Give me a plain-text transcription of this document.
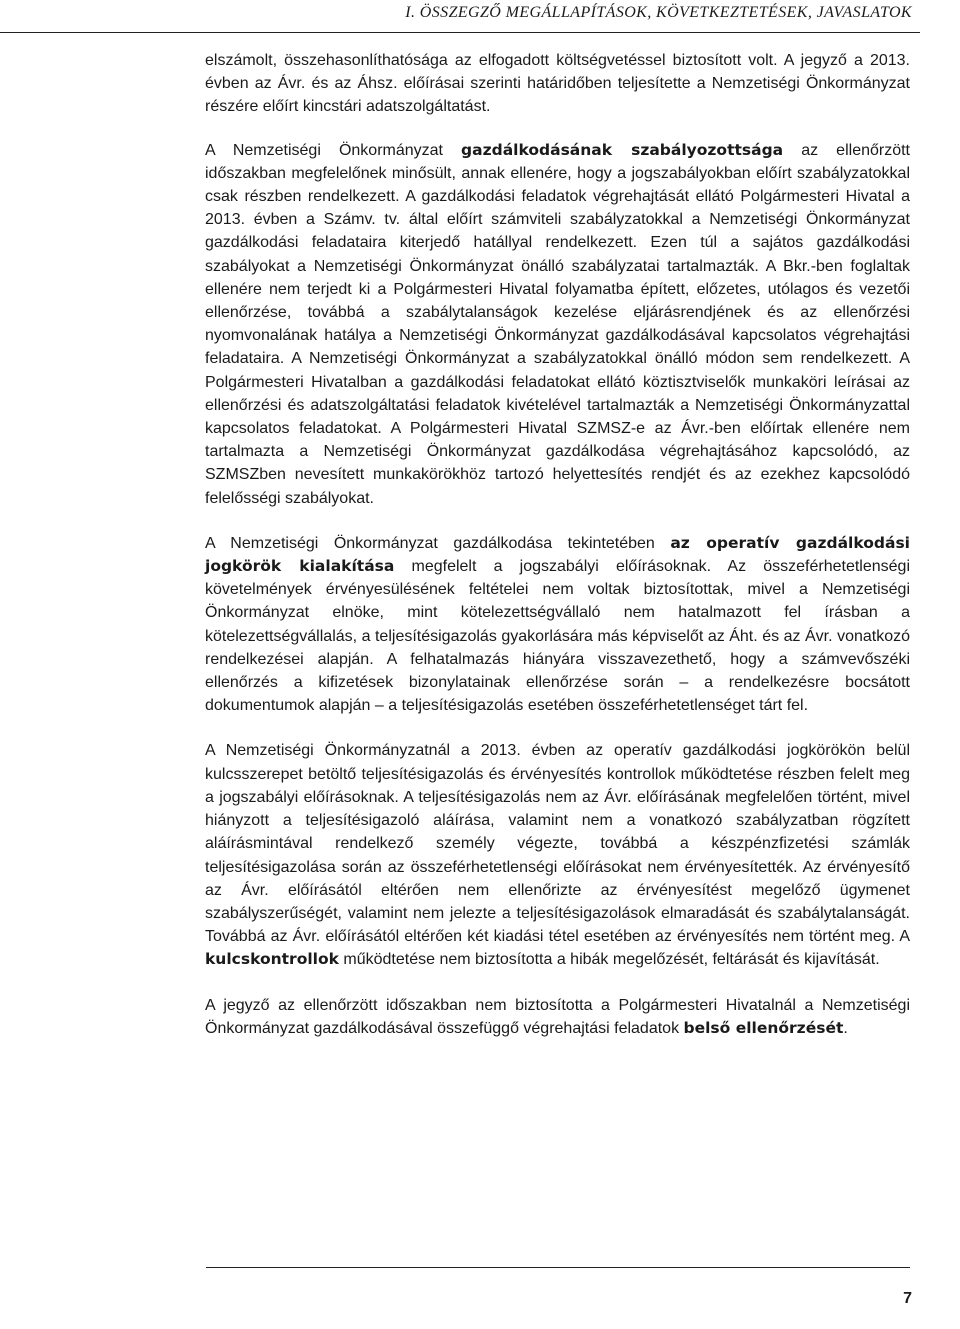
I. ÖSSZEGZŐ MEGÁLLAPÍTÁSOK, KÖVETKEZTETÉSEK, JAVASLATOK

elszámolt, összehasonlíthatósága az elfogadott költségvetéssel biztosított volt. A jegyző a 2013. évben az Ávr. és az Áhsz. előírásai szerinti határidőben teljesítette a Nemzetiségi Önkormányzat részére előírt kincstári adatszolgáltatást.

A Nemzetiségi Önkormányzat gazdálkodásának szabályozottsága az ellenőrzött időszakban megfelelőnek minősült, annak ellenére, hogy a jogszabályokban előírt szabályzatokkal csak részben rendelkezett. A gazdálkodási feladatok végrehajtását ellátó Polgármesteri Hivatal a 2013. évben a Számv. tv. által előírt számviteli szabályzatokkal a Nemzetiségi Önkormányzat gazdálkodási feladataira kiterjedő hatállyal rendelkezett. Ezen túl a sajátos gazdálkodási szabályokat a Nemzetiségi Önkormányzat önálló szabályzatai tartalmazták. A Bkr.-ben foglaltak ellenére nem terjedt ki a Polgármesteri Hivatal folyamatba épített, előzetes, utólagos és vezetői ellenőrzése, továbbá a szabálytalanságok kezelése eljárásrendjének és az ellenőrzési nyomvonalának hatálya a Nemzetiségi Önkormányzat gazdálkodásával kapcsolatos végrehajtási feladataira. A Nemzetiségi Önkormányzat a szabályzatokkal önálló módon sem rendelkezett. A Polgármesteri Hivatalban a gazdálkodási feladatokat ellátó köztisztviselők munkaköri leírásai az ellenőrzési és adatszolgáltatási feladatok kivételével tartalmazták a Nemzetiségi Önkormányzattal kapcsolatos feladatokat. A Polgármesteri Hivatal SZMSZ-e az Ávr.-ben előírtak ellenére nem tartalmazta a Nemzetiségi Önkormányzat gazdálkodása végrehajtásához kapcsolódó, az SZMSZben nevesített munkakörökhöz tartozó helyettesítés rendjét és az ezekhez kapcsolódó felelősségi szabályokat.

A Nemzetiségi Önkormányzat gazdálkodása tekintetében az operatív gazdálkodási jogkörök kialakítása megfelelt a jogszabályi előírásoknak. Az összeférhetetlenségi követelmények érvényesülésének feltételei nem voltak biztosítottak, mivel a Nemzetiségi Önkormányzat elnöke, mint kötelezettségvállaló nem hatalmazott fel írásban a kötelezettségvállalás, a teljesítésigazolás gyakorlására más képviselőt az Áht. és az Ávr. vonatkozó rendelkezései alapján. A felhatalmazás hiányára visszavezethető, hogy a számvevőszéki ellenőrzés a kifizetések bizonylatainak ellenőrzése során – a rendelkezésre bocsátott dokumentumok alapján – a teljesítésigazolás esetében összeférhetetlenséget tárt fel.

A Nemzetiségi Önkormányzatnál a 2013. évben az operatív gazdálkodási jogkörökön belül kulcsszerepet betöltő teljesítésigazolás és érvényesítés kontrollok működtetése részben felelt meg a jogszabályi előírásoknak. A teljesítésigazolás nem az Ávr. előírásának megfelelően történt, mivel hiányzott a teljesítésigazoló aláírása, valamint nem a vonatkozó szabályzatban rögzített aláírásmintával rendelkező személy végezte, továbbá a készpénzfizetési számlák teljesítésigazolása során az összeférhetetlenségi előírásokat nem érvényesítették. Az érvényesítő az Ávr. előírásától eltérően nem ellenőrizte az érvényesítést megelőző ügymenet szabályszerűségét, valamint nem jelezte a teljesítésigazolások elmaradását és szabálytalanságát. Továbbá az Ávr. előírásától eltérően két kiadási tétel esetében az érvényesítés nem történt meg. A kulcskontrollok működtetése nem biztosította a hibák megelőzését, feltárását és kijavítását.

A jegyző az ellenőrzött időszakban nem biztosította a Polgármesteri Hivatalnál a Nemzetiségi Önkormányzat gazdálkodásával összefüggő végrehajtási feladatok belső ellenőrzését.

7
